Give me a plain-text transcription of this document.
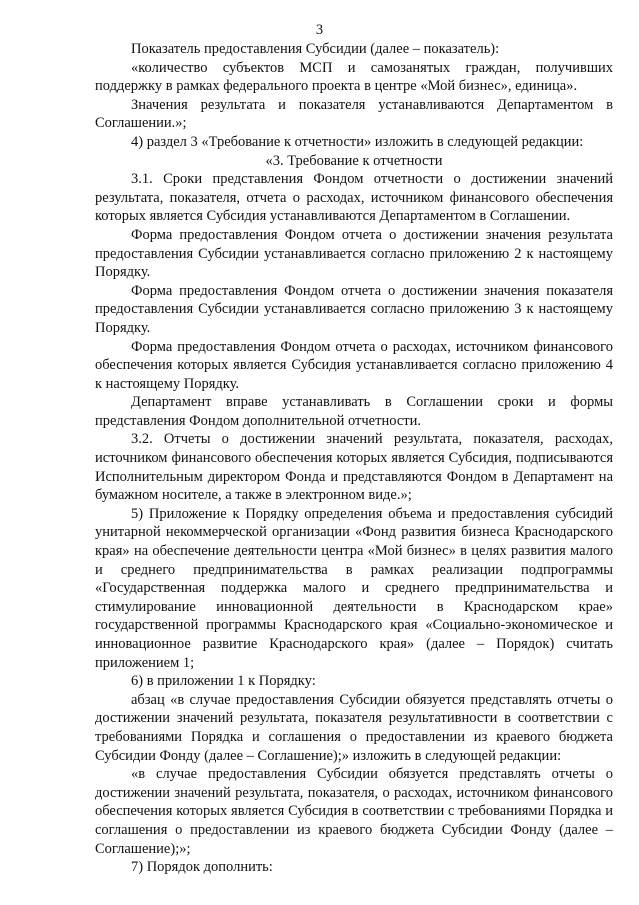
3

Показатель предоставления Субсидии (далее – показатель):

«количество субъектов МСП и самозанятых граждан, получивших поддержку в рамках федерального проекта в центре «Мой бизнес», единица».

Значения результата и показателя устанавливаются Департаментом в Соглашении.»;

4) раздел 3 «Требование к отчетности» изложить в следующей редакции:

«3. Требование к отчетности

3.1. Сроки представления Фондом отчетности о достижении значений результата, показателя, отчета о расходах, источником финансового обеспечения которых является Субсидия устанавливаются Департаментом в Соглашении.

Форма предоставления Фондом отчета о достижении значения результата предоставления Субсидии устанавливается согласно приложению 2 к настоящему Порядку.

Форма предоставления Фондом отчета о достижении значения показателя предоставления Субсидии устанавливается согласно приложению 3 к настоящему Порядку.

Форма предоставления Фондом отчета о расходах, источником финансового обеспечения которых является Субсидия устанавливается согласно приложению 4 к настоящему Порядку.

Департамент вправе устанавливать в Соглашении сроки и формы представления Фондом дополнительной отчетности.

3.2. Отчеты о достижении значений результата, показателя, расходах, источником финансового обеспечения которых является Субсидия, подписываются Исполнительным директором Фонда и представляются Фондом в Департамент на бумажном носителе, а также в электронном виде.»;

5) Приложение к Порядку определения объема и предоставления субсидий унитарной некоммерческой организации «Фонд развития бизнеса Краснодарского края» на обеспечение деятельности центра «Мой бизнес» в целях развития малого и среднего предпринимательства в рамках реализации подпрограммы «Государственная поддержка малого и среднего предпринимательства и стимулирование инновационной деятельности в Краснодарском крае» государственной программы Краснодарского края «Социально-экономическое и инновационное развитие Краснодарского края» (далее – Порядок) считать приложением 1;

6) в приложении 1 к Порядку:

абзац «в случае предоставления Субсидии обязуется представлять отчеты о достижении значений результата, показателя результативности в соответствии с требованиями Порядка и соглашения о предоставлении из краевого бюджета Субсидии Фонду (далее – Соглашение);» изложить в следующей редакции:

«в случае предоставления Субсидии обязуется представлять отчеты о достижении значений результата, показателя, о расходах, источником финансового обеспечения которых является Субсидия в соответствии с требованиями Порядка и соглашения о предоставлении из краевого бюджета Субсидии Фонду (далее – Соглашение);»;

7) Порядок дополнить:
